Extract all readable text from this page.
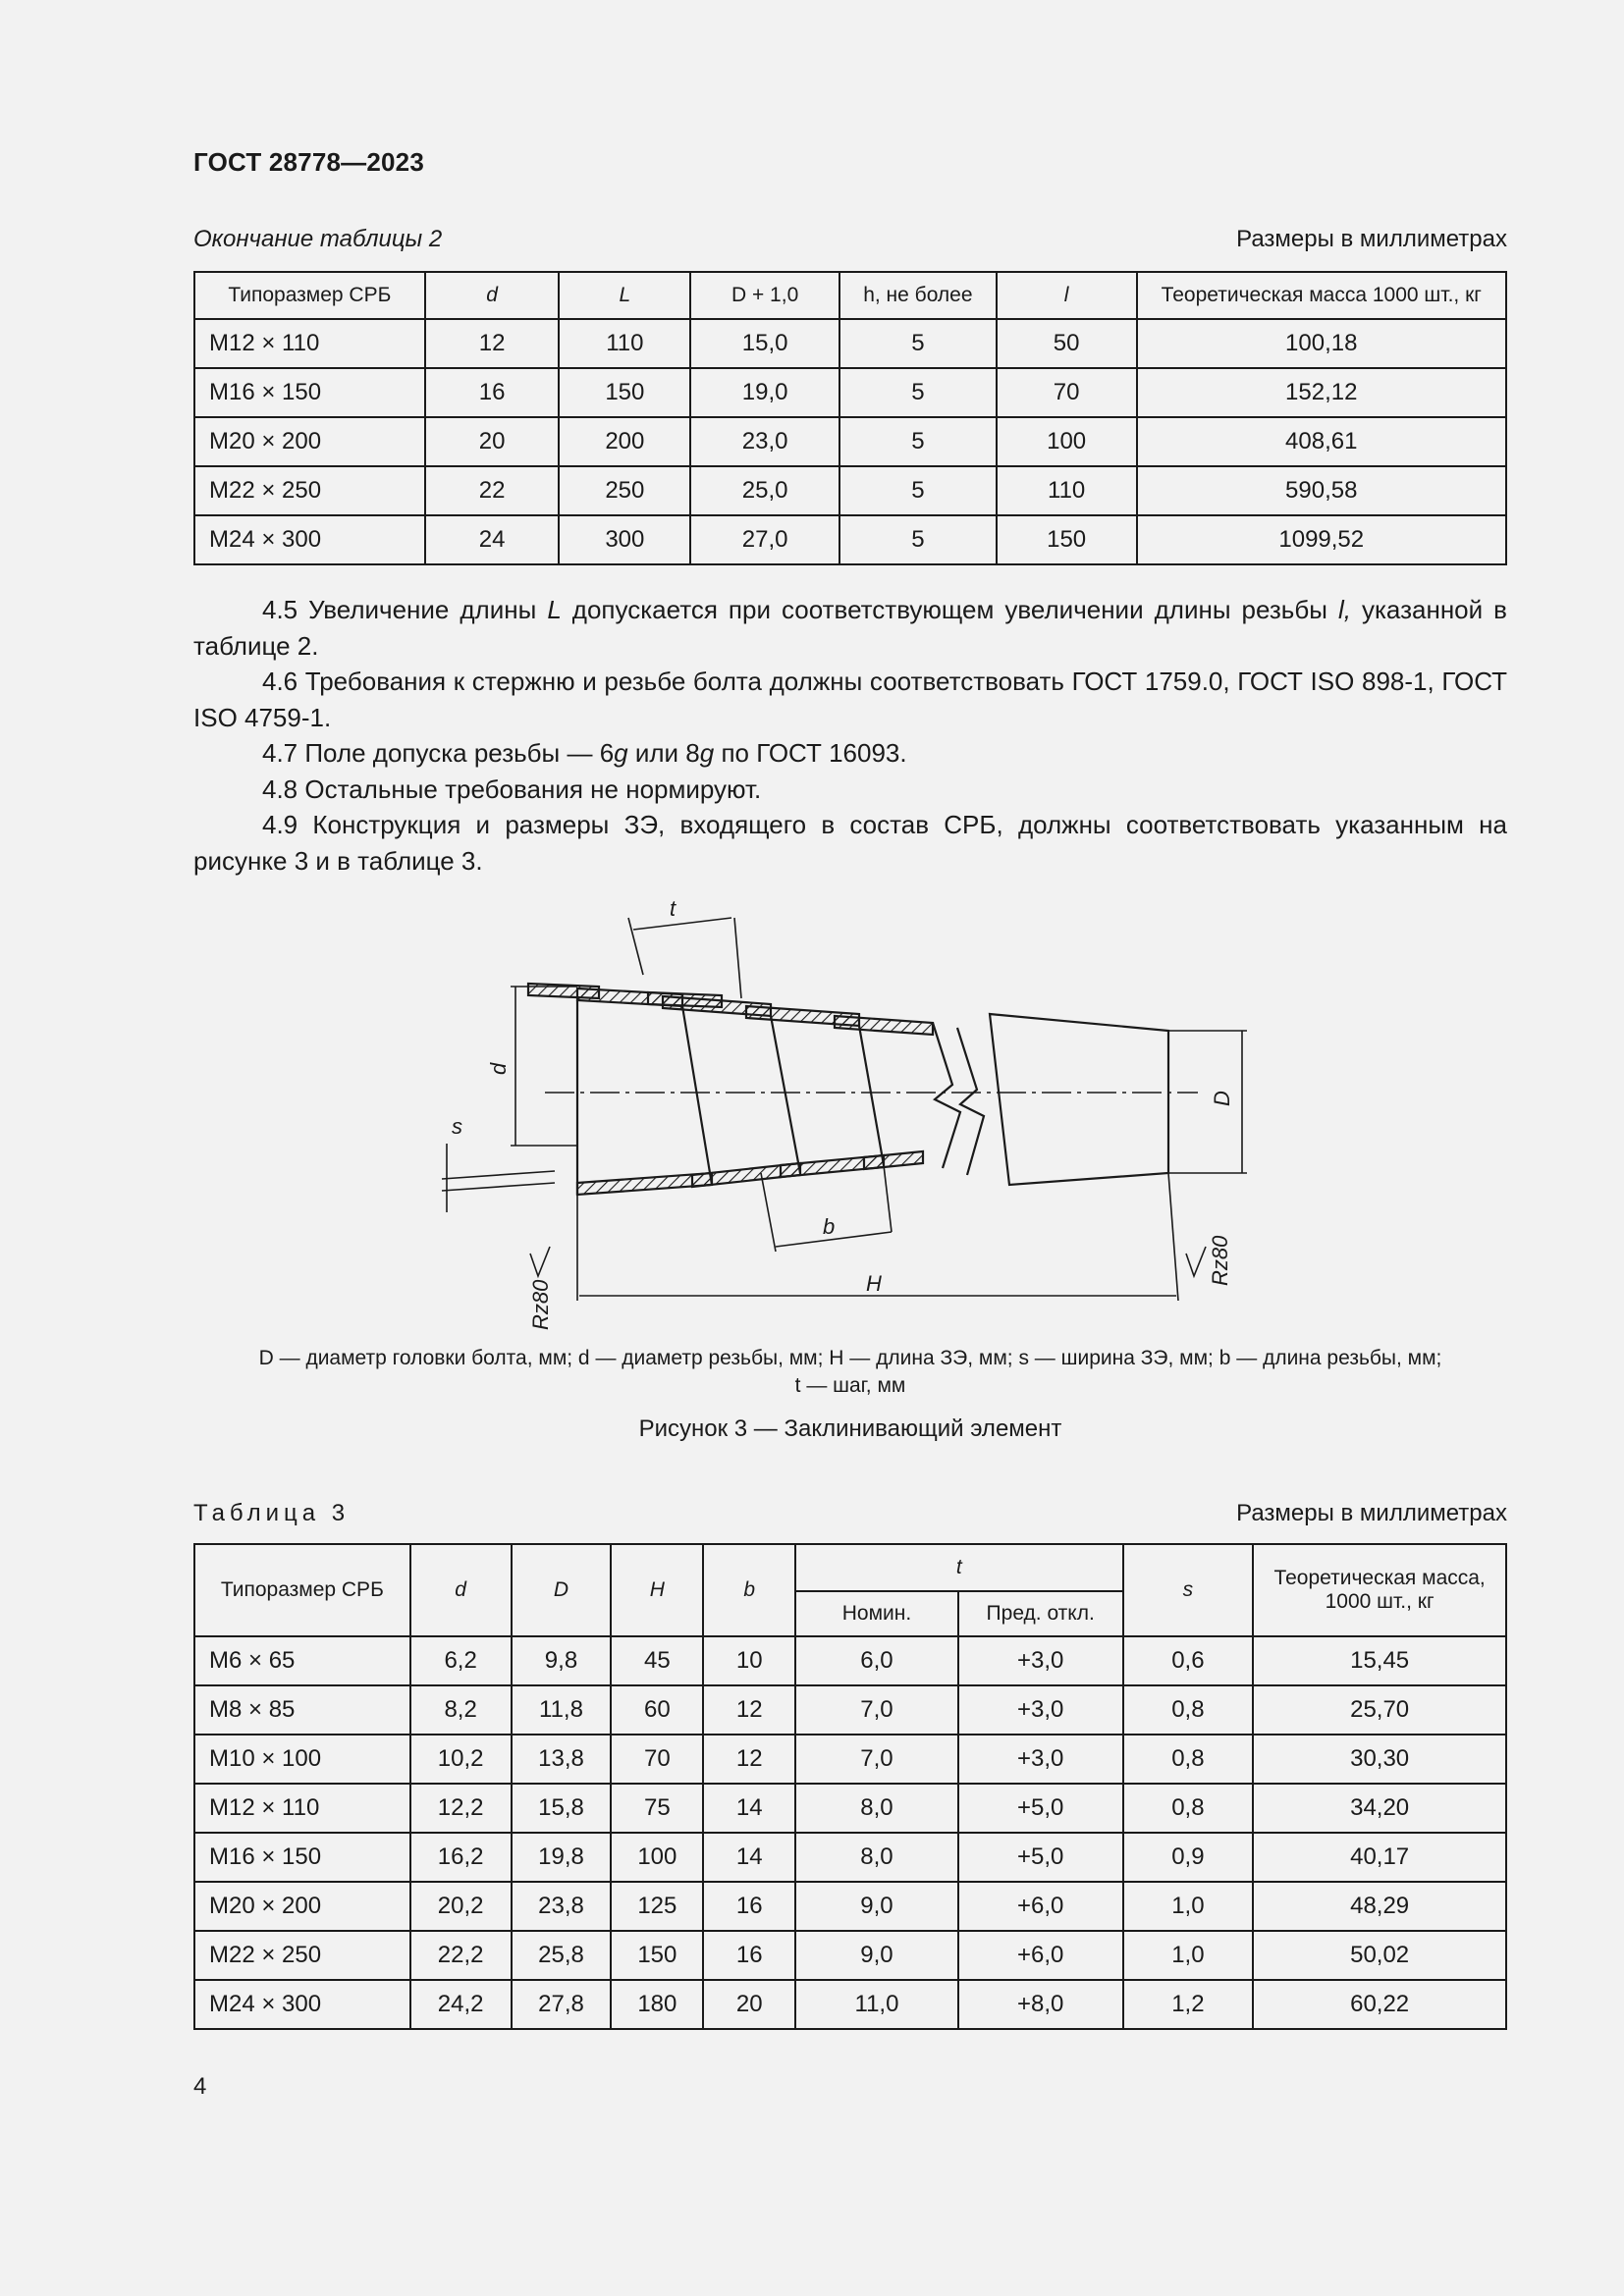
ГОСТ 28778—2023
Окончание таблицы 2	Размеры в миллиметрах
Типоразмер СРБ	d	L	D + 1,0	h, не более	l	Теоретическая масса 1000 шт., кг
М12 × 110	12	110	15,0	5	50	100,18
М16 × 150	16	150	19,0	5	70	152,12
М20 × 200	20	200	23,0	5	100	408,61
М22 × 250	22	250	25,0	5	110	590,58
М24 × 300	24	300	27,0	5	150	1099,52

4.5 Увеличение длины L допускается при соответствующем увеличении длины резьбы l, указанной в таблице 2.

4.6 Требования к стержню и резьбе болта должны соответствовать ГОСТ 1759.0, ГОСТ ISO 898-1, ГОСТ ISO 4759-1.

4.7 Поле допуска резьбы — 6g или 8g по ГОСТ 16093.

4.8 Остальные требования не нормируют.

4.9 Конструкция и размеры ЗЭ, входящего в состав СРБ, должны соответствовать указанным на рисунке 3 и в таблице 3.

t
d
D
s
b
H
Rz80
Rz80
D — диаметр головки болта, мм; d — диаметр резьбы, мм; H — длина ЗЭ, мм; s — ширина ЗЭ, мм; b — длина резьбы, мм;
t — шаг, мм
Рисунок 3 — Заклинивающий элемент
Таблица 3	Размеры в миллиметрах
Типоразмер СРБ	d	D	H	b	t		s	Теоретическая масса, 1000 шт., кг
					Номин.	Пред. откл.		
М6 × 65	6,2	9,8	45	10	6,0	+3,0	0,6	15,45
М8 × 85	8,2	11,8	60	12	7,0	+3,0	0,8	25,70
М10 × 100	10,2	13,8	70	12	7,0	+3,0	0,8	30,30
М12 × 110	12,2	15,8	75	14	8,0	+5,0	0,8	34,20
М16 × 150	16,2	19,8	100	14	8,0	+5,0	0,9	40,17
М20 × 200	20,2	23,8	125	16	9,0	+6,0	1,0	48,29
М22 × 250	22,2	25,8	150	16	9,0	+6,0	1,0	50,02
М24 × 300	24,2	27,8	180	20	11,0	+8,0	1,2	60,22
4
